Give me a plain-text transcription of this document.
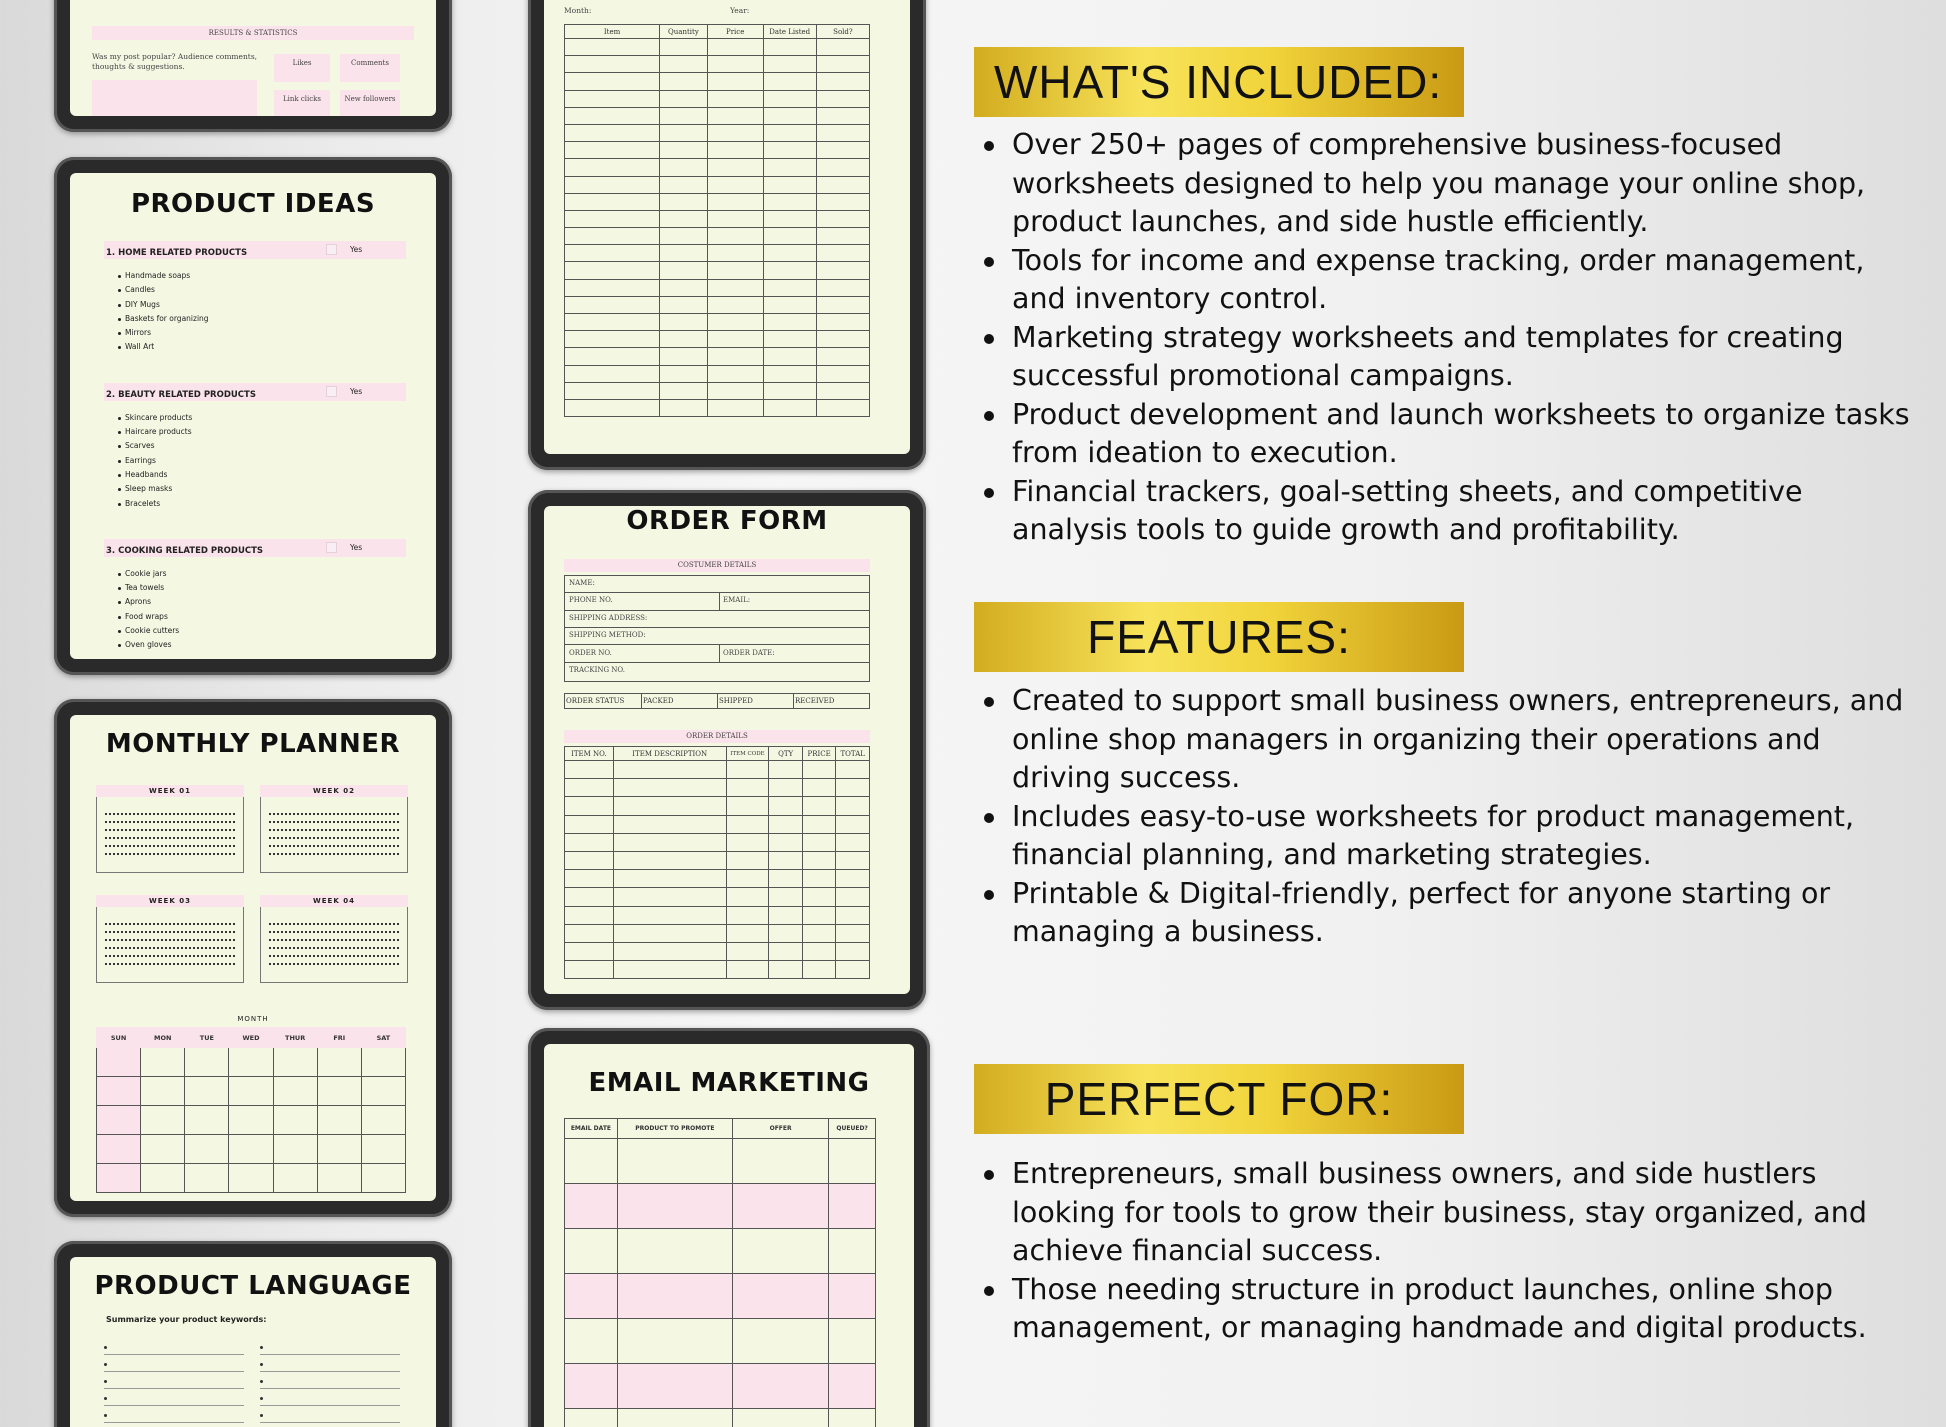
RESULTS & STATISTICS
Was my post popular? Audience comments, thoughts & suggestions.	Likes	Comments
Link clicks	New followers
PRODUCT IDEAS
1. HOME RELATED PRODUCTS	Yes
Handmade soaps
Candles
DIY Mugs
Baskets for organizing
Mirrors
Wall Art
2. BEAUTY RELATED PRODUCTS	Yes
Skincare products
Haircare products
Scarves
Earrings
Headbands
Sleep masks
Bracelets
3. COOKING RELATED PRODUCTS	Yes
Cookie jars
Tea towels
Aprons
Food wraps
Cookie cutters
Oven gloves
MONTHLY PLANNER
WEEK 01	WEEK 02
WEEK 03	WEEK 04
MONTH
SUN	MON	TUE	WED	THUR	FRI	SAT

PRODUCT LANGUAGE
Summarize your product keywords:
Month:	Year:
Item	Quantity	Price	Date Listed	Sold?

ORDER FORM
COSTUMER DETAILS
NAME:
PHONE NO.	EMAIL:
SHIPPING ADDRESS:
SHIPPING METHOD:
ORDER NO.	ORDER DATE:
TRACKING NO.
ORDER STATUS	PACKED	SHIPPED	RECEIVED
ORDER DETAILS
ITEM NO.	ITEM DESCRIPTION	ITEM CODE	QTY	PRICE	TOTAL

EMAIL MARKETING
EMAIL DATE	PRODUCT TO PROMOTE	OFFER	QUEUED?

WHAT'S INCLUDED:
Over 250+ pages of comprehensive business-focused worksheets designed to help you manage your online shop, product launches, and side hustle efficiently.
Tools for income and expense tracking, order management, and inventory control.
Marketing strategy worksheets and templates for creating successful promotional campaigns.
Product development and launch worksheets to organize tasks from ideation to execution.
Financial trackers, goal-setting sheets, and competitive analysis tools to guide growth and profitability.
FEATURES:
Created to support small business owners, entrepreneurs, and online shop managers in organizing their operations and driving success.
Includes easy-to-use worksheets for product management, financial planning, and marketing strategies.
Printable & Digital-friendly, perfect for anyone starting or managing a business.
PERFECT FOR:
Entrepreneurs, small business owners, and side hustlers looking for tools to grow their business, stay organized, and achieve financial success.
Those needing structure in product launches, online shop management, or managing handmade and digital products.
